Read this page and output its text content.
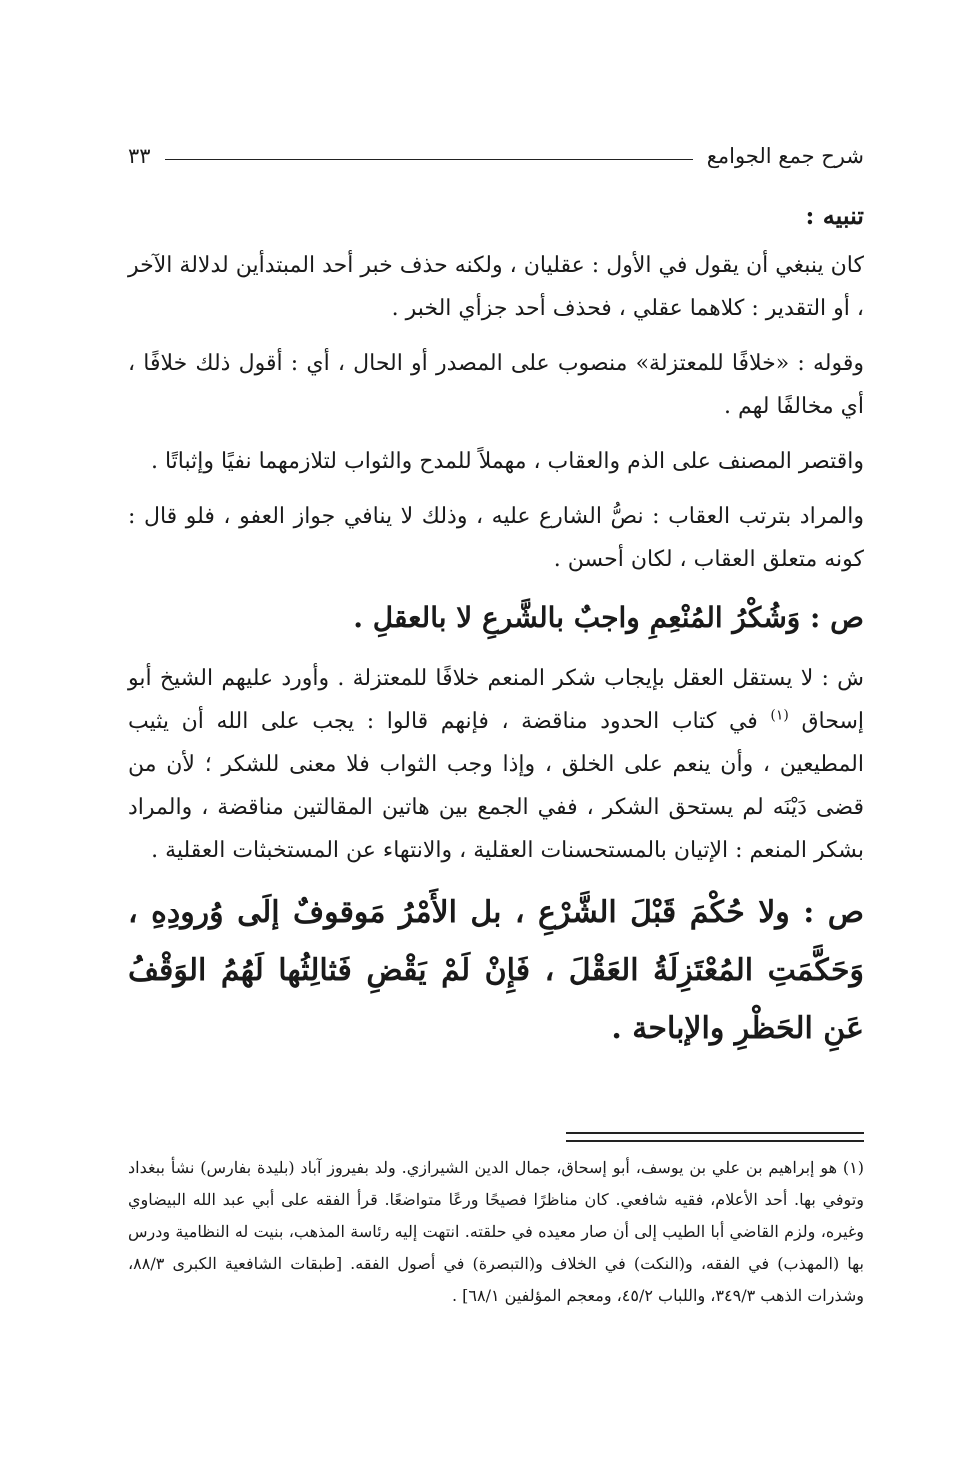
شرح جمع الجوامع
٣٣
تنبيه :

كان ينبغي أن يقول في الأول : عقليان ، ولكنه حذف خبر أحد المبتدأين لدلالة الآخر ، أو التقدير : كلاهما عقلي ، فحذف أحد جزأي الخبر .

وقوله : «خلافًا للمعتزلة» منصوب على المصدر أو الحال ، أي : أقول ذلك خلافًا ، أي مخالفًا لهم .

واقتصر المصنف على الذم والعقاب ، مهملاً للمدح والثواب لتلازمهما نفيًا وإثباتًا .

والمراد بترتب العقاب : نصُّ الشارع عليه ، وذلك لا ينافي جواز العفو ، فلو قال : كونه متعلق العقاب ، لكان أحسن .

ص : وَشُكْرُ المُنْعِمِ واجبٌ بالشَّرعِ لا بالعقلِ .

ش : لا يستقل العقل بإيجاب شكر المنعم خلافًا للمعتزلة . وأورد عليهم الشيخ أبو إسحاق $^{(١)}$ في كتاب الحدود مناقضة ، فإنهم قالوا : يجب على الله أن يثيب المطيعين ، وأن ينعم على الخلق ، وإذا وجب الثواب فلا معنى للشكر ؛ لأن من قضى دَيْنَه لم يستحق الشكر ، ففي الجمع بين هاتين المقالتين مناقضة ، والمراد بشكر المنعم : الإتيان بالمستحسنات العقلية ، والانتهاء عن المستخبثات العقلية .

ص : ولا حُكْمَ قَبْلَ الشَّرْعِ ، بل الأَمْرُ مَوقوفٌ إلَى وُرودِهِ ، وَحَكَّمَتِ المُعْتَزِلَةُ العَقْلَ ، فَإِنْ لَمْ يَقْضِ فَثالِثُها لَهُمُ الوَقْفُ عَنِ الحَظْرِ والإباحة .
(١) هو إبراهيم بن علي بن يوسف، أبو إسحاق، جمال الدين الشيرازي. ولد بفيروز آباد (بليدة بفارس) نشأ ببغداد وتوفي بها. أحد الأعلام، فقيه شافعي. كان مناظرًا فصيحًا ورعًا متواضعًا. قرأ الفقه على أبي عبد الله البيضاوي وغيره، ولزم القاضي أبا الطيب إلى أن صار معيده في حلقته. انتهت إليه رئاسة المذهب، بنيت له النظامية ودرس بها (المهذب) في الفقه، و(النكت) في الخلاف و(التبصرة) في أصول الفقه. [طبقات الشافعية الكبرى ٨٨/٣، وشذرات الذهب ٣٤٩/٣، واللباب ٤٥/٢، ومعجم المؤلفين ٦٨/١] .
